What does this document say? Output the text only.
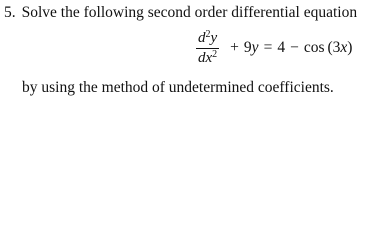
5. Solve the following second order differential equation
$\frac{d^2y}{dx^2} + 9$ y = 4 − cos (3x)
by using the method of undetermined coefficients.
